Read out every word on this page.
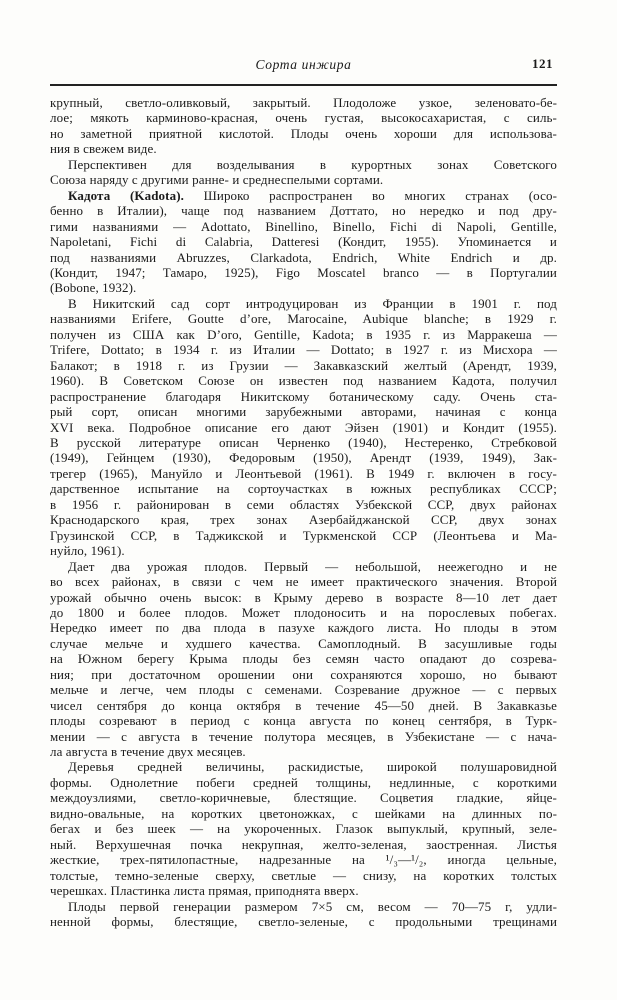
Сорта инжира	121
крупный, светло-оливковый, закрытый. Плодоложе узкое, зеленовато-бе-
лое; мякоть карминово-красная, очень густая, высокосахаристая, с силь-
но заметной приятной кислотой. Плоды очень хороши для использова-
ния в свежем виде.
Перспективен для возделывания в курортных зонах Советского
Союза наряду с другими ранне- и среднеспелыми сортами.
Кадота (Kadota). Широко распространен во многих странах (осо-
бенно в Италии), чаще под названием Доттато, но нередко и под дру-
гими названиями — Adottato, Binellino, Binello, Fichi di Napoli, Gentille,
Napoletani, Fichi di Calabria, Datteresi (Кондит, 1955). Упоминается и
под названиями Abruzzes, Clarkadota, Endrich, White Endrich и др.
(Кондит, 1947; Тамаро, 1925), Figo Moscatel branco — в Португалии
(Bobone, 1932).
В Никитский сад сорт интродуцирован из Франции в 1901 г. под
названиями Erifere, Goutte d’ore, Marocaine, Aubique blanche; в 1929 г.
получен из США как D’oro, Gentille, Kadota; в 1935 г. из Марракеша —
Trifere, Dottato; в 1934 г. из Италии — Dottato; в 1927 г. из Мисхора —
Балакот; в 1918 г. из Грузии — Закавказский желтый (Арендт, 1939,
1960). В Советском Союзе он известен под названием Кадота, получил
распространение благодаря Никитскому ботаническому саду. Очень ста-
рый сорт, описан многими зарубежными авторами, начиная с конца
XVI века. Подробное описание его дают Эйзен (1901) и Кондит (1955).
В русской литературе описан Черненко (1940), Нестеренко, Стребковой
(1949), Гейнцем (1930), Федоровым (1950), Арендт (1939, 1949), Зак-
трегер (1965), Мануйло и Леонтьевой (1961). В 1949 г. включен в госу-
дарственное испытание на сортоучастках в южных республиках СССР;
в 1956 г. районирован в семи областях Узбекской ССР, двух районах
Краснодарского края, трех зонах Азербайджанской ССР, двух зонах
Грузинской ССР, в Таджикской и Туркменской ССР (Леонтьева и Ма-
нуйло, 1961).
Дает два урожая плодов. Первый — небольшой, неежегодно и не
во всех районах, в связи с чем не имеет практического значения. Второй
урожай обычно очень высок: в Крыму дерево в возрасте 8—10 лет дает
до 1800 и более плодов. Может плодоносить и на порослевых побегах.
Нередко имеет по два плода в пазухе каждого листа. Но плоды в этом
случае мельче и худшего качества. Самоплодный. В засушливые годы
на Южном берегу Крыма плоды без семян часто опадают до созрева-
ния; при достаточном орошении они сохраняются хорошо, но бывают
мельче и легче, чем плоды с семенами. Созревание дружное — с первых
чисел сентября до конца октября в течение 45—50 дней. В Закавказье
плоды созревают в период с конца августа по конец сентября, в Турк-
мении — с августа в течение полутора месяцев, в Узбекистане — с нача-
ла августа в течение двух месяцев.
Деревья средней величины, раскидистые, широкой полушаровидной
формы. Однолетние побеги средней толщины, недлинные, с короткими
междоузлиями, светло-коричневые, блестящие. Соцветия гладкие, яйце-
видно-овальные, на коротких цветоножках, с шейками на длинных по-
бегах и без шеек — на укороченных. Глазок выпуклый, крупный, зеле-
ный. Верхушечная почка некрупная, желто-зеленая, заостренная. Листья
жесткие, трех-пятилопастные, надрезанные на ¹/₃—¹/₂, иногда цельные,
толстые, темно-зеленые сверху, светлые — снизу, на коротких толстых
черешках. Пластинка листа прямая, приподнята вверх.
Плоды первой генерации размером 7×5 см, весом — 70—75 г, удли-
ненной формы, блестящие, светло-зеленые, с продольными трещинами
